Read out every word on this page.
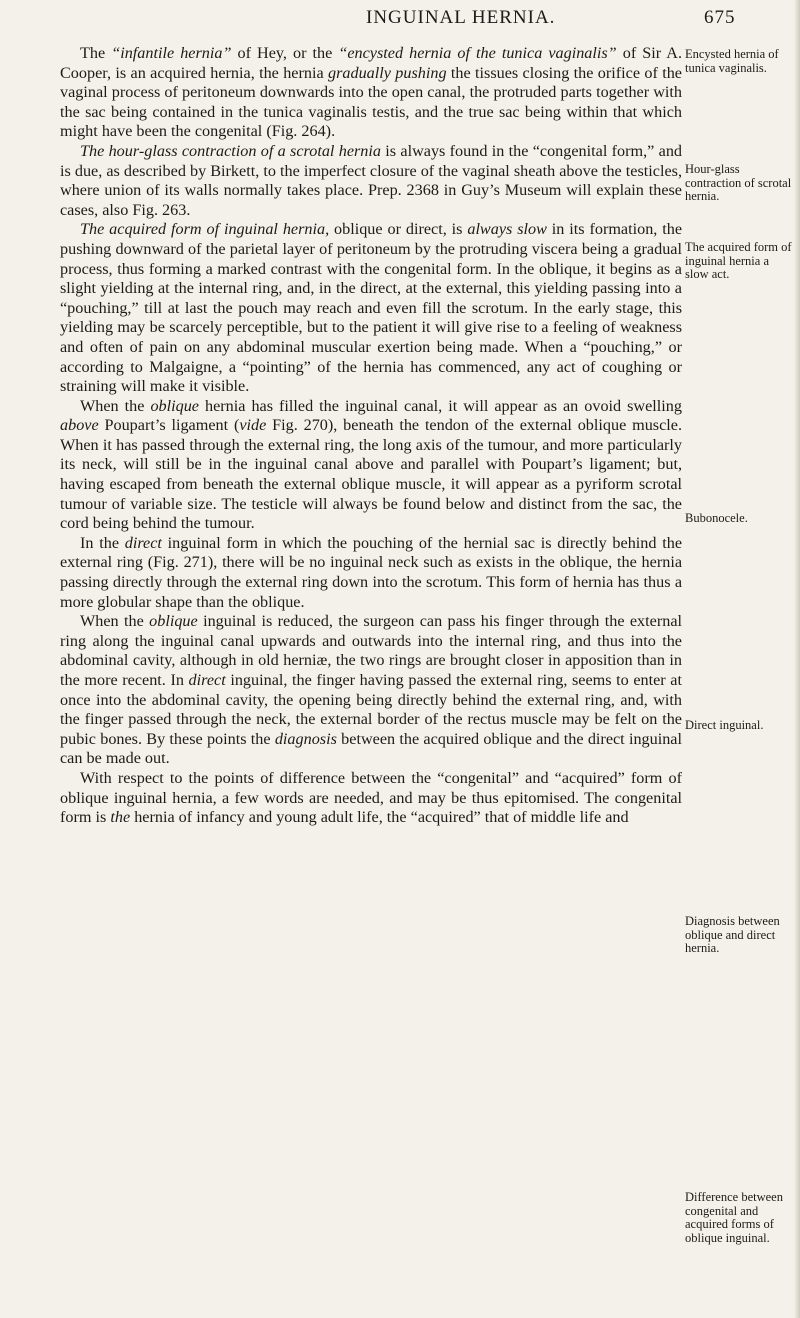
INGUINAL HERNIA.	675

The “infantile hernia” of Hey, or the “encysted hernia of the tunica vaginalis” of Sir A. Cooper, is an acquired hernia, the hernia gradually pushing the tissues closing the orifice of the vaginal process of peritoneum downwards into the open canal, the protruded parts together with the sac being contained in the tunica vaginalis testis, and the true sac being within that which might have been the congenital (Fig. 264).

The hour-glass contraction of a scrotal hernia is always found in the “congenital form,” and is due, as described by Birkett, to the imperfect closure of the vaginal sheath above the testicles, where union of its walls normally takes place. Prep. 2368 in Guy’s Museum will explain these cases, also Fig. 263.

The acquired form of inguinal hernia, oblique or direct, is always slow in its formation, the pushing downward of the parietal layer of peritoneum by the protruding viscera being a gradual process, thus forming a marked contrast with the congenital form. In the oblique, it begins as a slight yielding at the internal ring, and, in the direct, at the external, this yielding passing into a “pouching,” till at last the pouch may reach and even fill the scrotum. In the early stage, this yielding may be scarcely perceptible, but to the patient it will give rise to a feeling of weakness and often of pain on any abdominal muscular exertion being made. When a “pouching,” or according to Malgaigne, a “pointing” of the hernia has commenced, any act of coughing or straining will make it visible.

When the oblique hernia has filled the inguinal canal, it will appear as an ovoid swelling above Poupart’s ligament (vide Fig. 270), beneath the tendon of the external oblique muscle. When it has passed through the external ring, the long axis of the tumour, and more particularly its neck, will still be in the inguinal canal above and parallel with Poupart’s ligament; but, having escaped from beneath the external oblique muscle, it will appear as a pyriform scrotal tumour of variable size. The testicle will always be found below and distinct from the sac, the cord being behind the tumour.

In the direct inguinal form in which the pouching of the hernial sac is directly behind the external ring (Fig. 271), there will be no inguinal neck such as exists in the oblique, the hernia passing directly through the external ring down into the scrotum. This form of hernia has thus a more globular shape than the oblique.

When the oblique inguinal is reduced, the surgeon can pass his finger through the external ring along the inguinal canal upwards and outwards into the internal ring, and thus into the abdominal cavity, although in old herniæ, the two rings are brought closer in apposition than in the more recent. In direct inguinal, the finger having passed the external ring, seems to enter at once into the abdominal cavity, the opening being directly behind the external ring, and, with the finger passed through the neck, the external border of the rectus muscle may be felt on the pubic bones. By these points the diagnosis between the acquired oblique and the direct inguinal can be made out.

With respect to the points of difference between the “congenital” and “acquired” form of oblique inguinal hernia, a few words are needed, and may be thus epitomised. The congenital form is the hernia of infancy and young adult life, the “acquired” that of middle life and

Encysted hernia of tunica vaginalis.
Hour-glass contraction of scrotal hernia.
The acquired form of inguinal hernia a slow act.
Bubonocele.
Direct inguinal.
Diagnosis between oblique and direct hernia.
Difference between congenital and acquired forms of oblique inguinal.
